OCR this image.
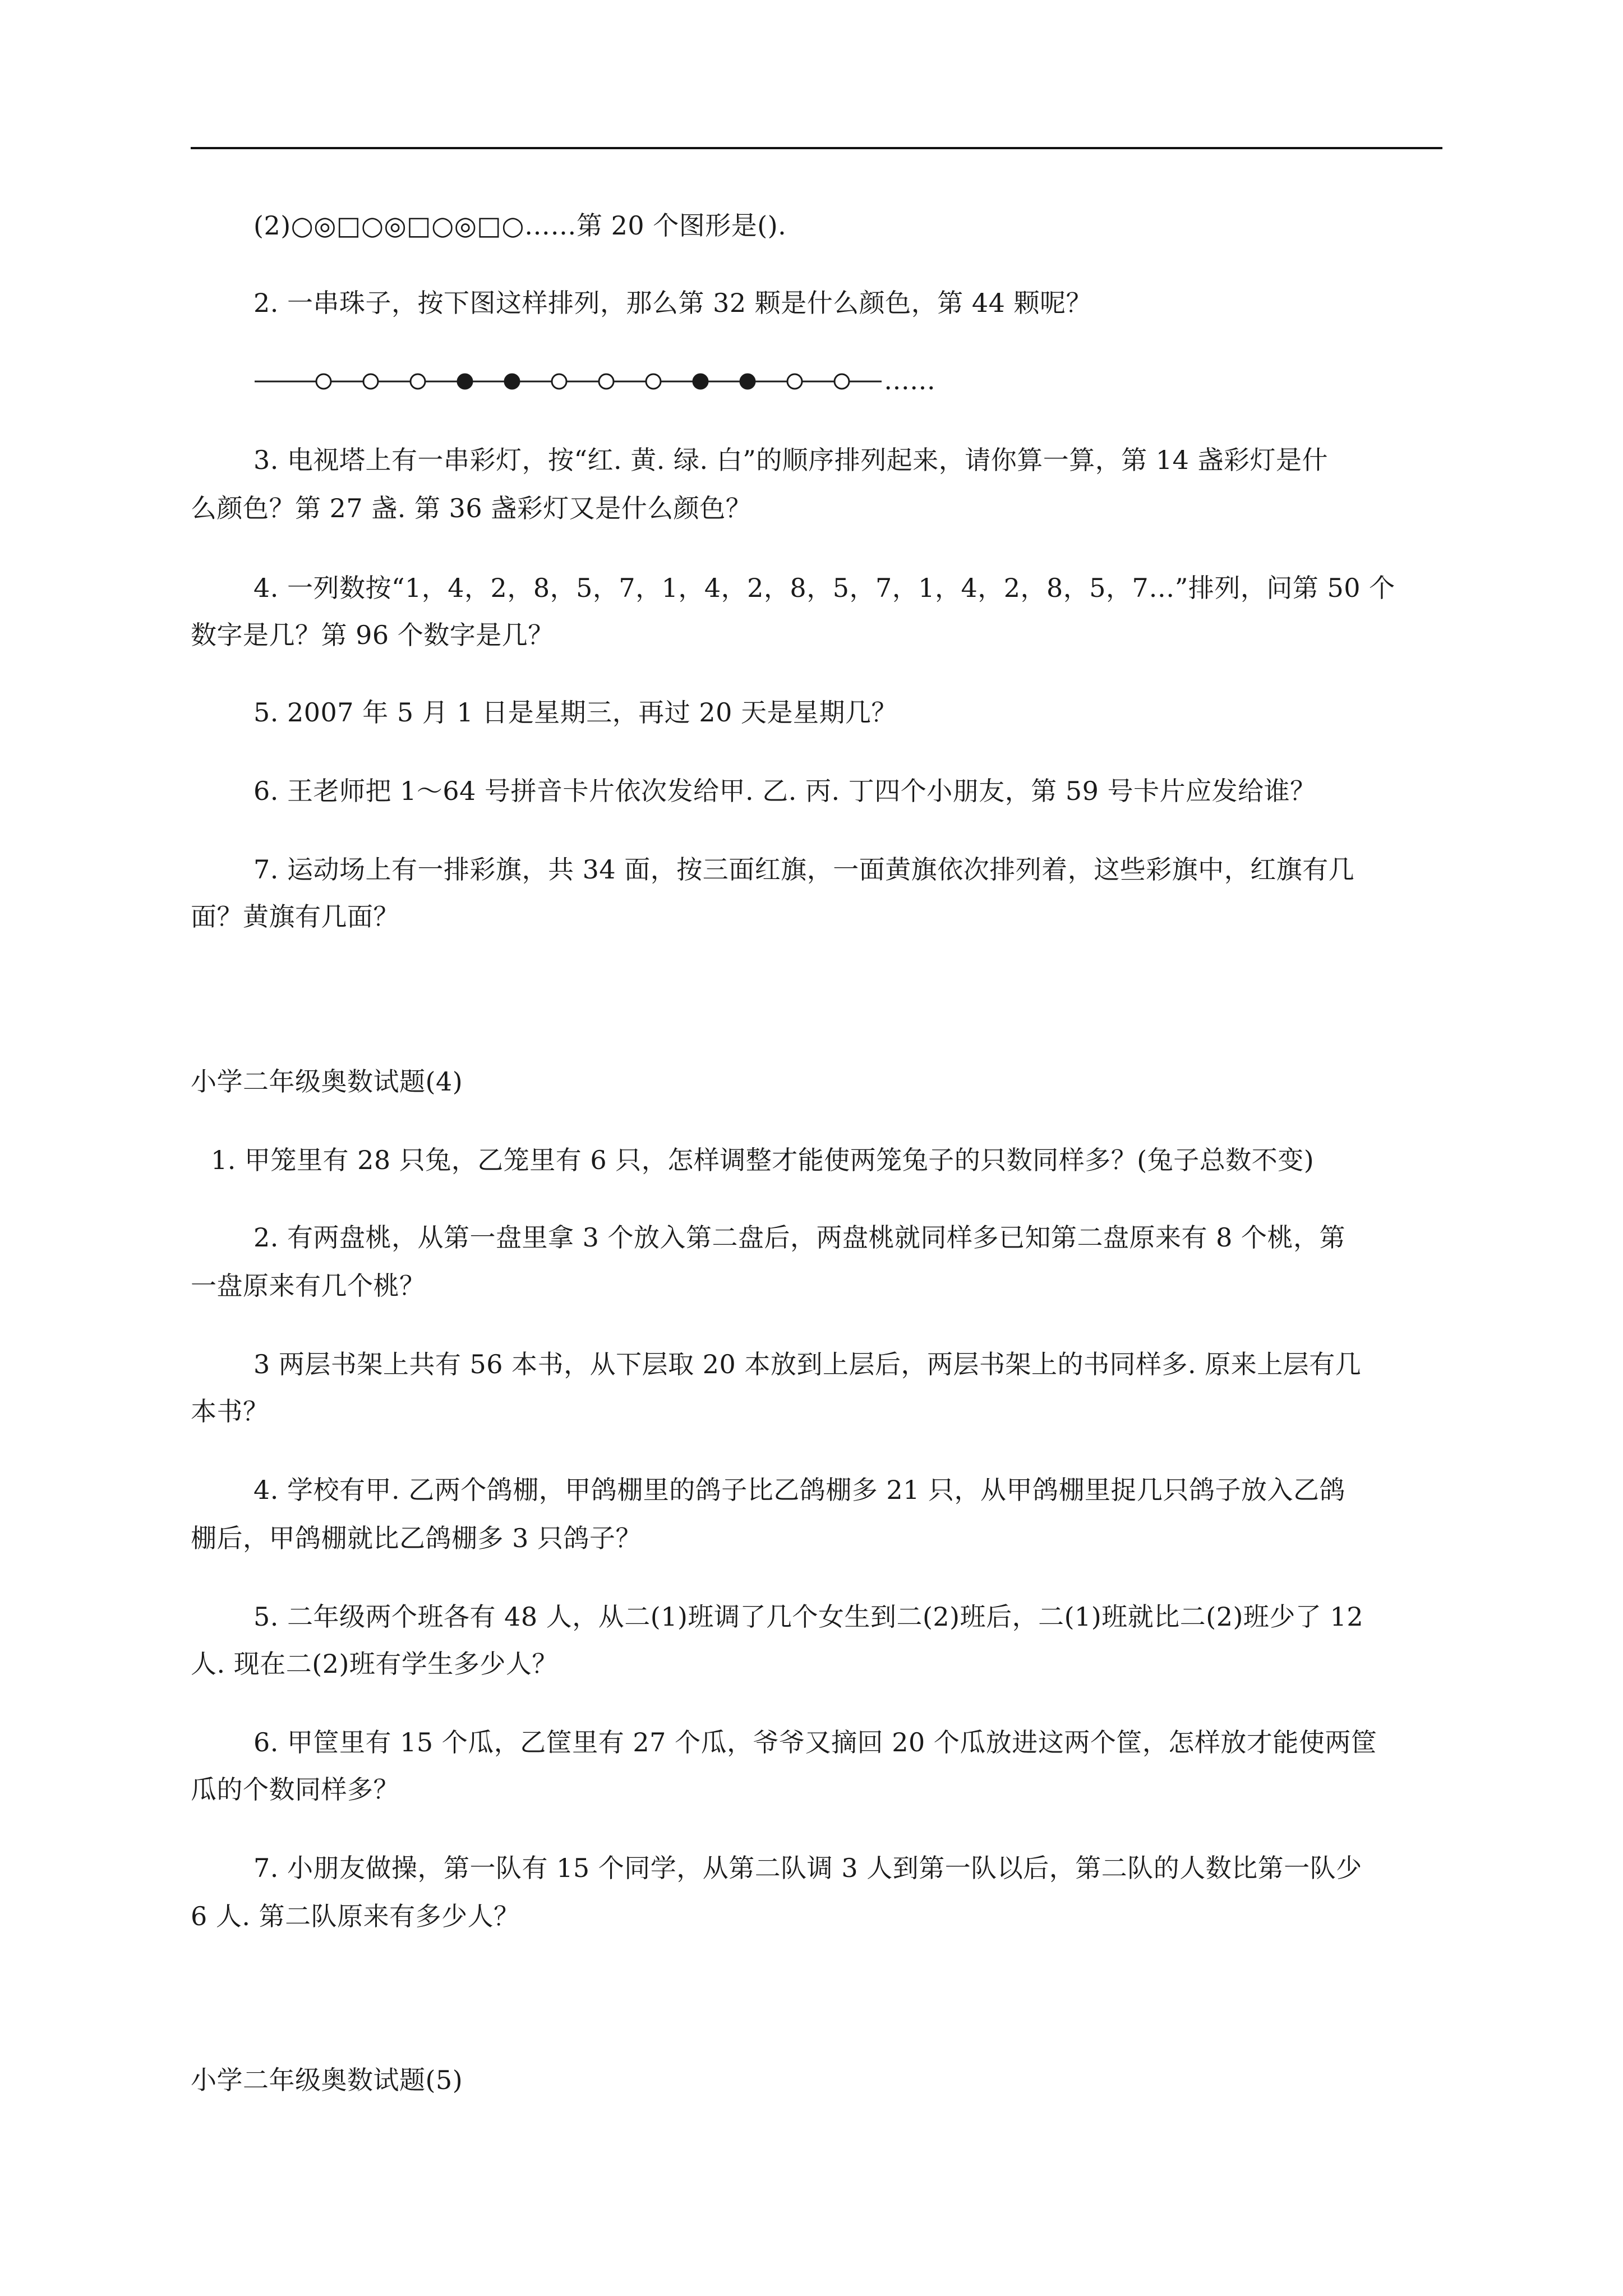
(2)○◎□○◎□○◎□○……第 20 个图形是().
2. 一串珠子，按下图这样排列，那么第 32 颗是什么颜色，第 44 颗呢？
……
3. 电视塔上有一串彩灯，按“红. 黄. 绿. 白”的顺序排列起来，请你算一算，第 14 盏彩灯是什
么颜色？第 27 盏. 第 36 盏彩灯又是什么颜色？
4. 一列数按“1，4，2，8，5，7，1，4，2，8，5，7，1，4，2，8，5，7…”排列，问第 50 个
数字是几？第 96 个数字是几？
5. 2007 年 5 月 1 日是星期三，再过 20 天是星期几？
6. 王老师把 1～64 号拼音卡片依次发给甲. 乙. 丙. 丁四个小朋友，第 59 号卡片应发给谁？
7. 运动场上有一排彩旗，共 34 面，按三面红旗，一面黄旗依次排列着，这些彩旗中，红旗有几
面？黄旗有几面？
小学二年级奥数试题(4)
1. 甲笼里有 28 只兔，乙笼里有 6 只，怎样调整才能使两笼兔子的只数同样多？(兔子总数不变)
2. 有两盘桃，从第一盘里拿 3 个放入第二盘后，两盘桃就同样多已知第二盘原来有 8 个桃，第
一盘原来有几个桃？
3 两层书架上共有 56 本书，从下层取 20 本放到上层后，两层书架上的书同样多. 原来上层有几
本书？
4. 学校有甲. 乙两个鸽棚，甲鸽棚里的鸽子比乙鸽棚多 21 只，从甲鸽棚里捉几只鸽子放入乙鸽
棚后，甲鸽棚就比乙鸽棚多 3 只鸽子？
5. 二年级两个班各有 48 人，从二(1)班调了几个女生到二(2)班后，二(1)班就比二(2)班少了 12
人. 现在二(2)班有学生多少人？
6. 甲筐里有 15 个瓜，乙筐里有 27 个瓜，爷爷又摘回 20 个瓜放进这两个筐，怎样放才能使两筐
瓜的个数同样多？
7. 小朋友做操，第一队有 15 个同学，从第二队调 3 人到第一队以后，第二队的人数比第一队少
6 人. 第二队原来有多少人？
小学二年级奥数试题(5)
